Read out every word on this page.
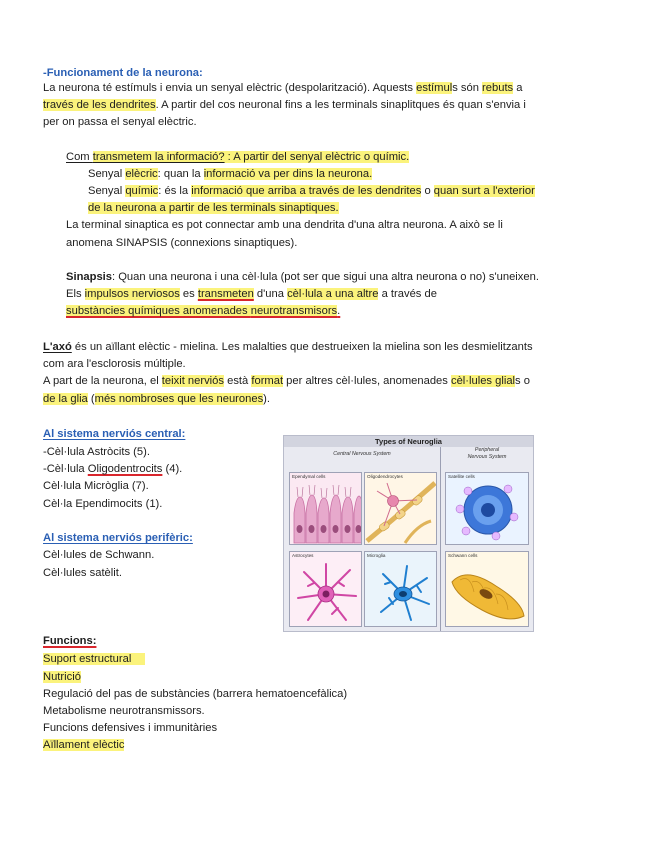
-Funcionament de la neurona:
La neurona té estímuls i envia un senyal elèctric (despolarització). Aquests estímuls són rebuts a
través de les dendrites. A partir del cos neuronal fins a les terminals sinaplitques és quan s'envia i
per on passa el senyal elèctric.
Com transmetem la informació? : A partir del senyal elèctric o químic.
Senyal elècric: quan la informació va per dins la neurona.
Senyal químic: és la informació que arriba a través de les dendrites o quan surt a l'exterior
de la neurona a partir de les terminals sinaptiques.
La terminal sinaptica es pot connectar amb una dendrita d'una altra neurona. A això se li
anomena SINAPSIS (connexions sinaptiques).
Sinapsis: Quan una neurona i una cèl·lula (pot ser que sigui una altra neurona o no) s'uneixen.
Els impulsos nerviosos es transmeten d'una cèl·lula a una altre a través de
substàncies químiques anomenades neurotransmisors.
L'axó és un aïllant elèctic - mielina. Les malalties que destrueixen la mielina son les desmielitzants
com ara l'esclorosis múltiple.
A part de la neurona, el teixit nerviós està format per altres cèl·lules, anomenades cèl·lules glials o
de la glia (més nombroses que les neurones).
Al sistema nerviós central:
-Cèl·lula Astròcits (5).
-Cèl·lula Oligodentrocits (4).
Cèl·lula Micròglia (7).
Cèl·la Ependimocits (1).
Al sistema nerviós perifèric:
Cèl·lules de Schwann.
Cèl·lules satèlit.
Types of Neuroglia
Central Nervous System
Peripheral
Nervous System
Ependymal cells	Oligodendrocytes	Satellite cells
Astrocytes	Microglia	Schwann cells
Funcions:
Suport estructural
Nutrició
Regulació del pas de substàncies (barrera hematoencefàlica)
Metabolisme neurotransmissors.
Funcions defensives i immunitàries
Aïllament elèctic
